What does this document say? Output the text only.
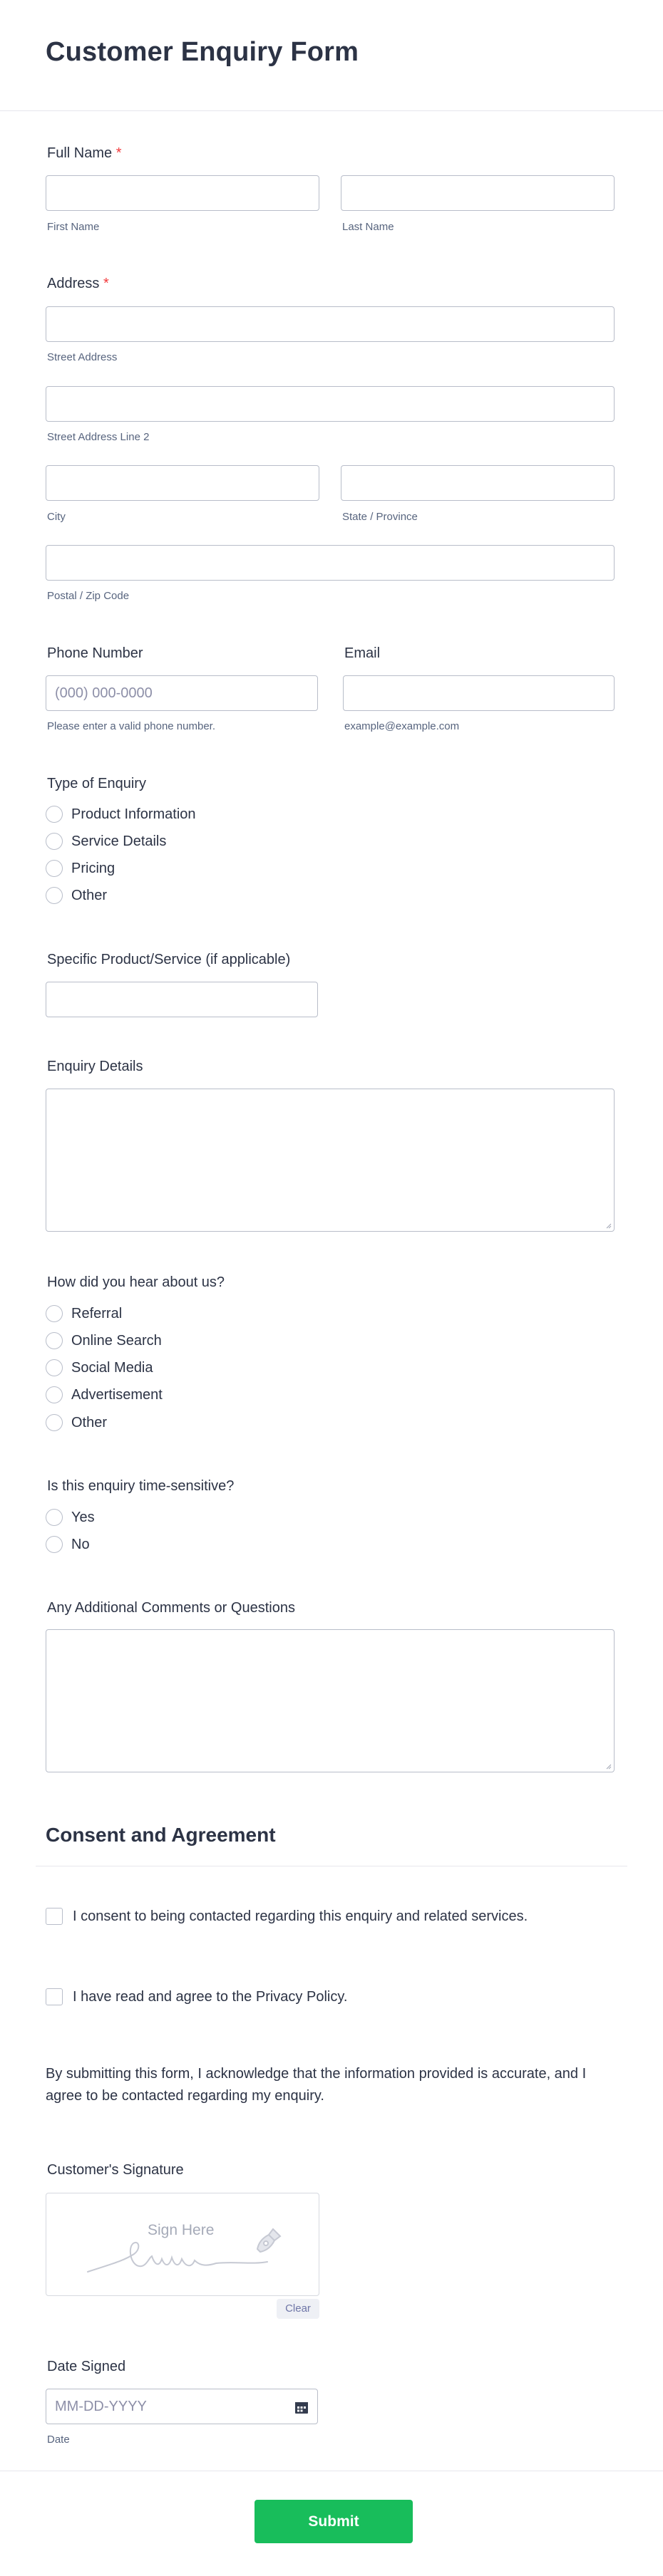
Customer Enquiry Form
Full Name *
First Name	Last Name
Address *
Street Address
Street Address Line 2
City	State / Province
Postal / Zip Code
Phone Number
(000) 000-0000
Please enter a valid phone number.
Email
example@example.com
Type of Enquiry
Product Information
Service Details
Pricing
Other
Specific Product/Service (if applicable)
Enquiry Details
How did you hear about us?
Referral
Online Search
Social Media
Advertisement
Other
Is this enquiry time-sensitive?
Yes
No
Any Additional Comments or Questions
Consent and Agreement
I consent to being contacted regarding this enquiry and related services.
I have read and agree to the Privacy Policy.
By submitting this form, I acknowledge that the information provided is accurate, and I agree to be contacted regarding my enquiry.
Customer's Signature
Sign Here
Clear
Date Signed
MM-DD-YYYY
Date
Submit
